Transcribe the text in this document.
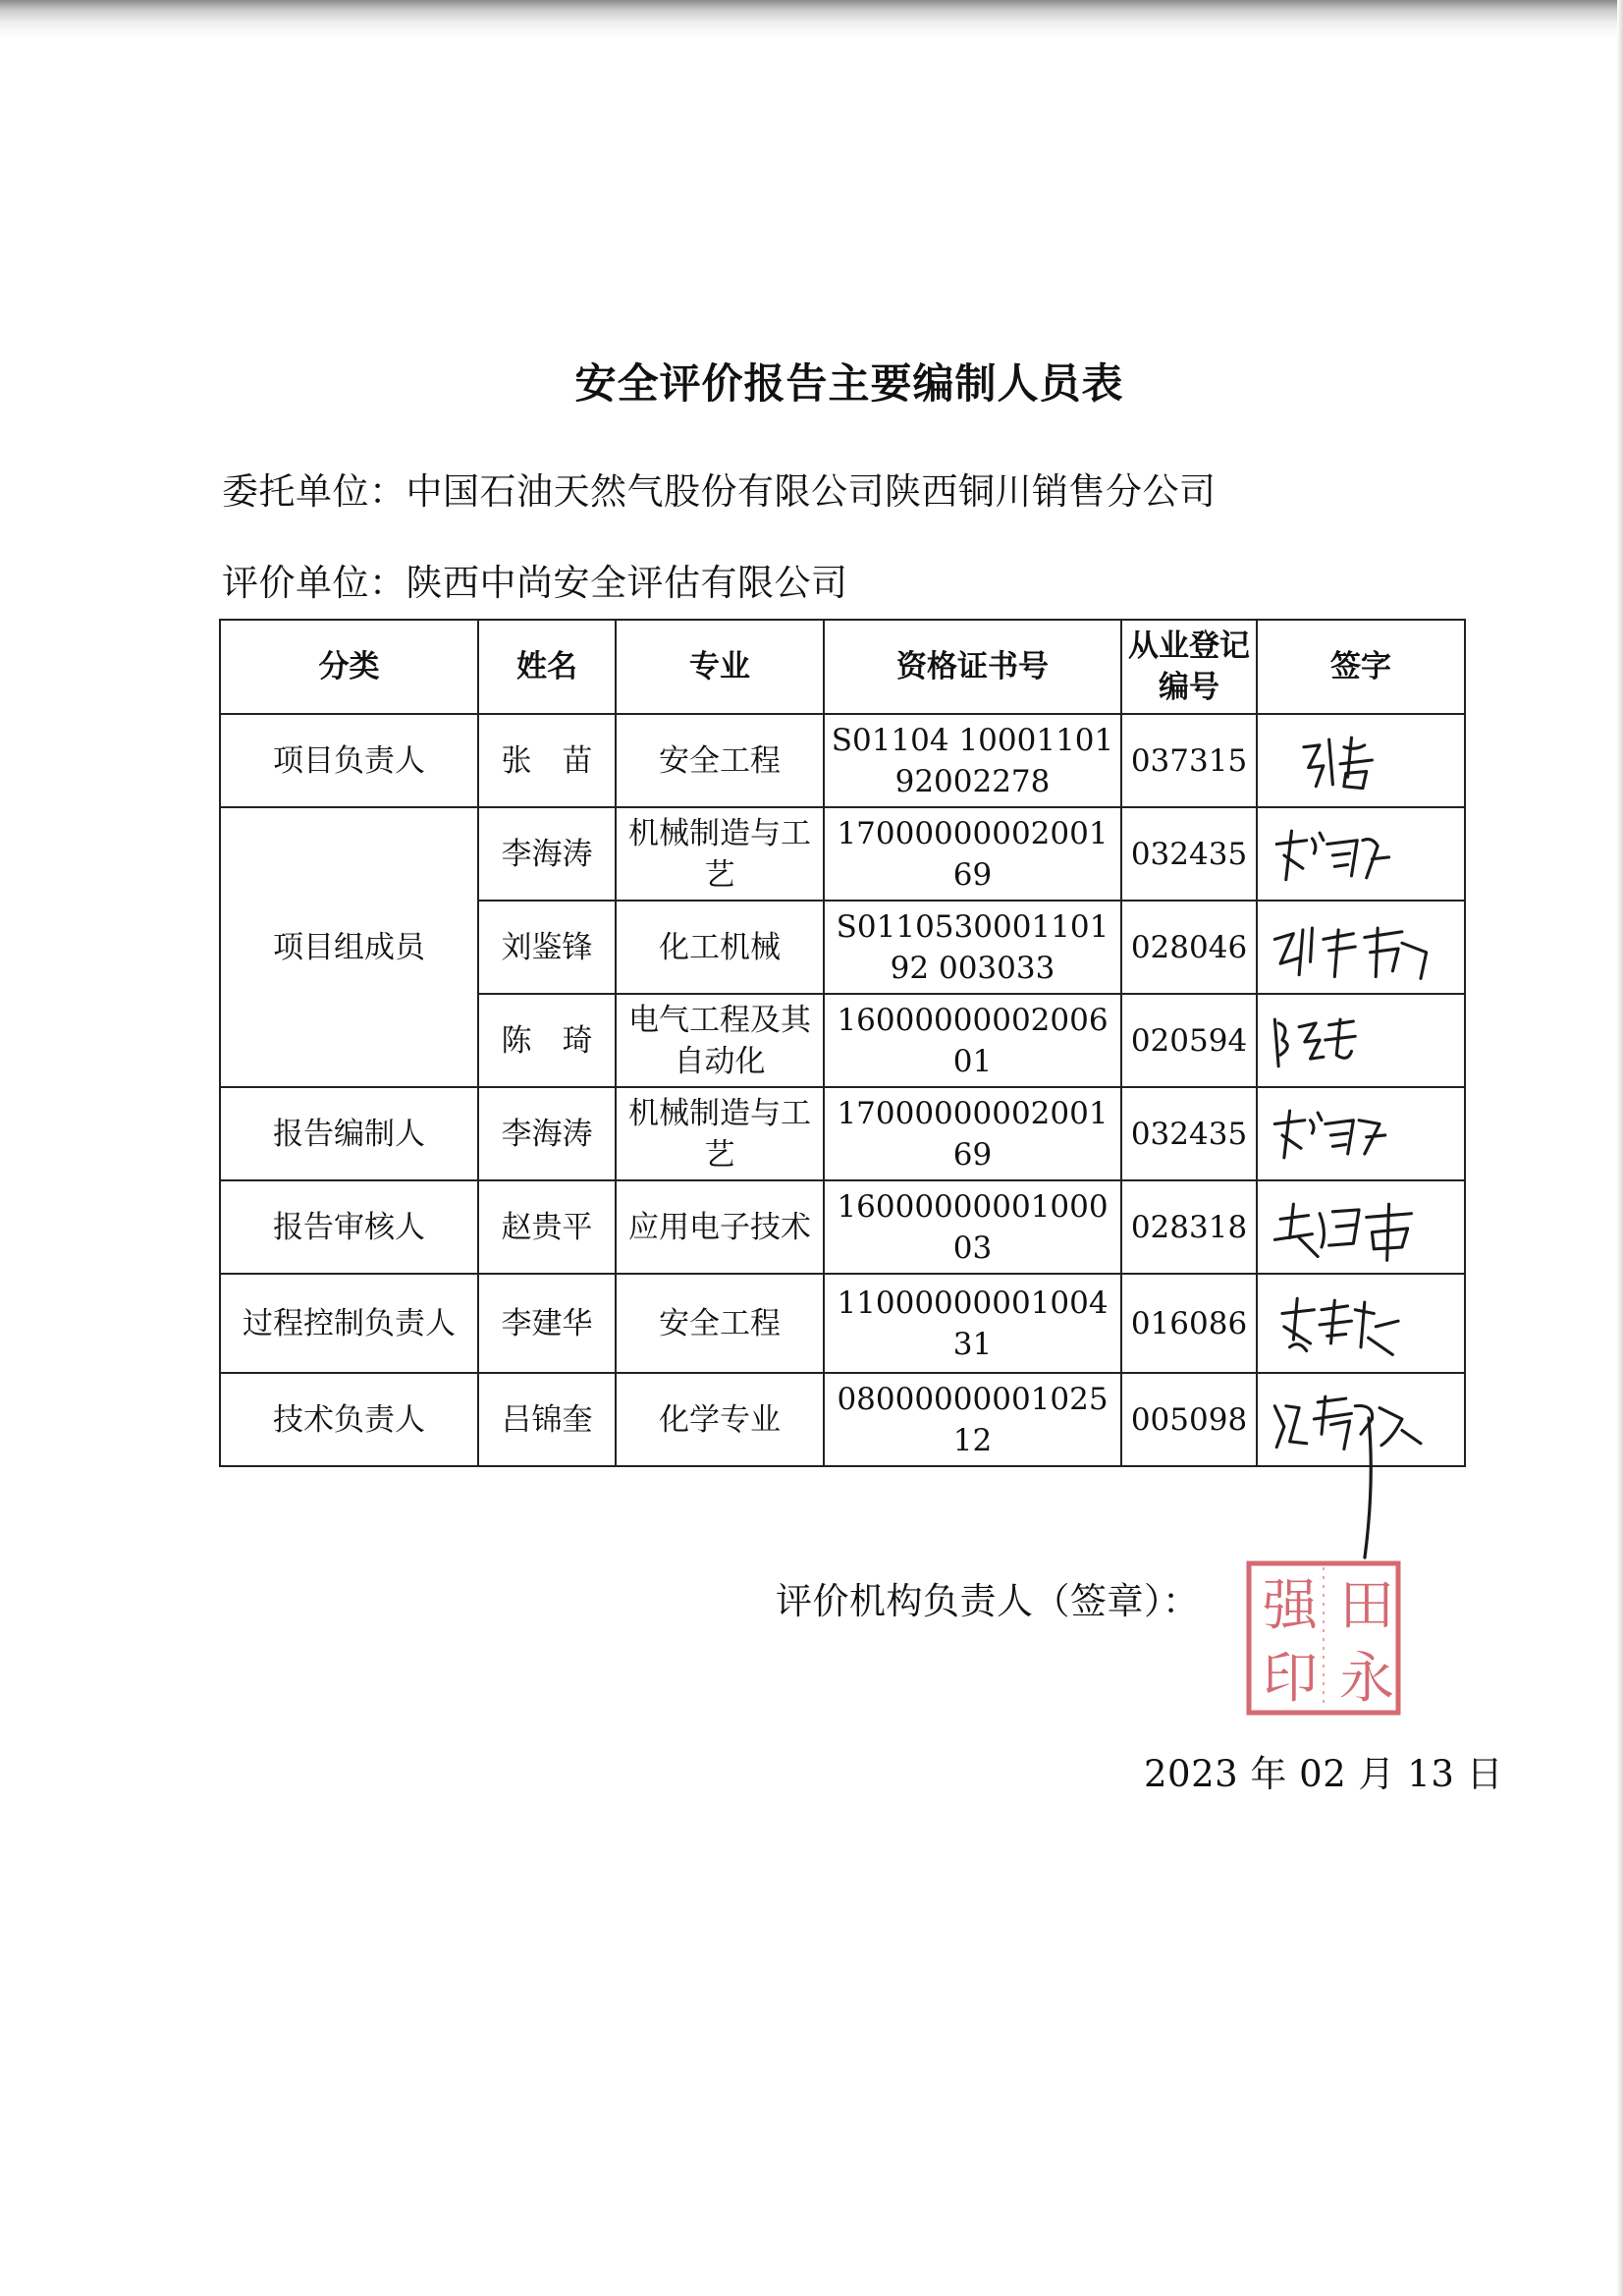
安全评价报告主要编制人员表
委托单位：中国石油天然气股份有限公司陕西铜川销售分公司
评价单位：陕西中尚安全评估有限公司
分类	姓名	专业	资格证书号	从业登记编号	签字
项目负责人	张　苗	安全工程	S01104 1000110192002278	037315	

项目组成员	李海涛	机械制造与工艺	1700000000200169	032435	

	刘鉴锋	化工机械	S011053000110192 003033	028046	

	陈　琦	电气工程及其自动化	1600000000200601	020594	

报告编制人	李海涛	机械制造与工艺	1700000000200169	032435	

报告审核人	赵贵平	应用电子技术	1600000000100003	028318	

过程控制负责人	李建华	安全工程	1100000000100431	016086	

技术负责人	吕锦奎	化学专业	0800000000102512	005098	
评价机构负责人（签章）：	田
强
永
印
2023 年 02 月 13 日
